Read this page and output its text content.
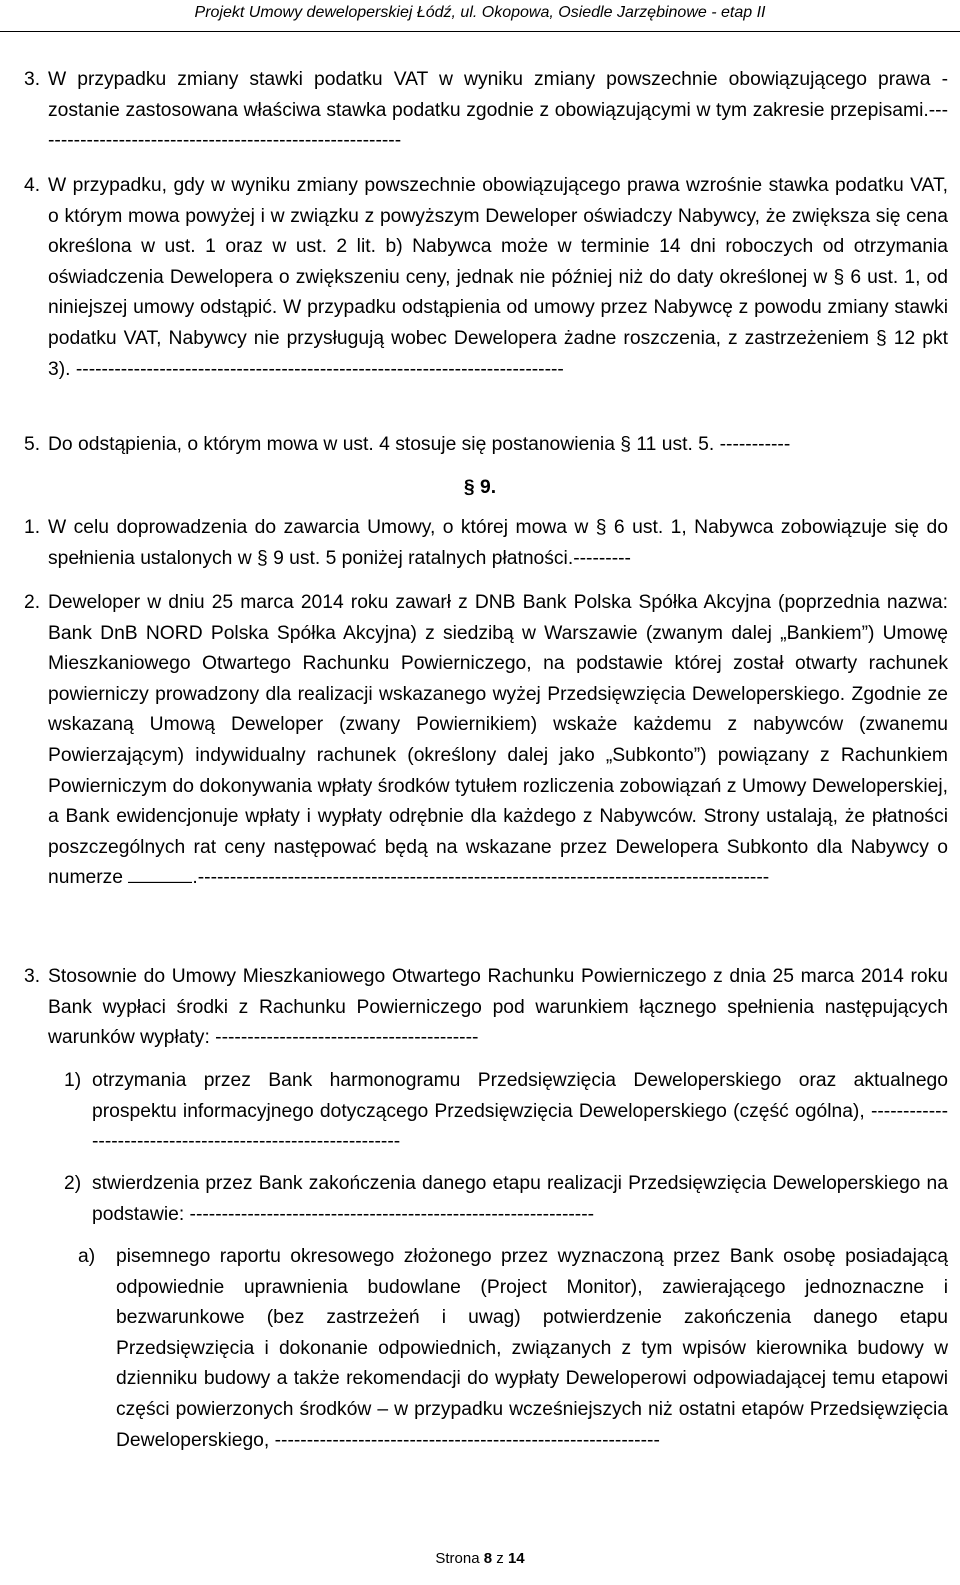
Projekt Umowy deweloperskiej Łódź, ul. Okopowa, Osiedle Jarzębinowe - etap II
3. W przypadku zmiany stawki podatku VAT w wyniku zmiany powszechnie obowiązującego prawa - zostanie zastosowana właściwa stawka podatku zgodnie z obowiązującymi w tym zakresie przepisami.----------------------------------------------------------
4. W przypadku, gdy w wyniku zmiany powszechnie obowiązującego prawa wzrośnie stawka podatku VAT, o którym mowa powyżej i w związku z powyższym Deweloper oświadczy Nabywcy, że zwiększa się cena określona w ust. 1 oraz w ust. 2 lit. b) Nabywca może w terminie 14 dni roboczych od otrzymania oświadczenia Dewelopera o zwiększeniu ceny, jednak nie później niż do daty określonej w § 6 ust. 1, od niniejszej umowy odstąpić. W przypadku odstąpienia od umowy przez Nabywcę z powodu zmiany stawki podatku VAT, Nabywcy nie przysługują wobec Dewelopera żadne roszczenia, z zastrzeżeniem § 12 pkt 3). ----------------------------------------------------------------------------
5. Do odstąpienia, o którym mowa w ust. 4 stosuje się postanowienia § 11 ust. 5. -----------
§ 9.
1. W celu doprowadzenia do zawarcia Umowy, o której mowa w § 6 ust. 1, Nabywca zobowiązuje się do spełnienia ustalonych w § 9 ust. 5 poniżej ratalnych płatności.---------
2. Deweloper w dniu 25 marca 2014 roku zawarł z DNB Bank Polska Spółka Akcyjna (poprzednia nazwa: Bank DnB NORD Polska Spółka Akcyjna) z siedzibą w Warszawie (zwanym dalej „Bankiem”) Umowę Mieszkaniowego Otwartego Rachunku Powierniczego, na podstawie której został otwarty rachunek powierniczy prowadzony dla realizacji wskazanego wyżej Przedsięwzięcia Deweloperskiego. Zgodnie ze wskazaną Umową Deweloper (zwany Powiernikiem) wskaże każdemu z nabywców (zwanemu Powierzającym) indywidualny rachunek (określony dalej jako „Subkonto”) powiązany z Rachunkiem Powierniczym do dokonywania wpłaty środków tytułem rozliczenia zobowiązań z Umowy Deweloperskiej, a Bank ewidencjonuje wpłaty i wypłaty odrębnie dla każdego z Nabywców. Strony ustalają, że płatności poszczególnych rat ceny następować będą na wskazane przez Dewelopera Subkonto dla Nabywcy o numerze	.-----------------------------------------------------------------------------------------
3. Stosownie do Umowy Mieszkaniowego Otwartego Rachunku Powierniczego z dnia 25 marca 2014 roku Bank wypłaci środki z Rachunku Powierniczego pod warunkiem łącznego spełnienia następujących warunków wypłaty: -----------------------------------------
1) otrzymania przez Bank harmonogramu Przedsięwzięcia Deweloperskiego oraz aktualnego prospektu informacyjnego dotyczącego Przedsięwzięcia Deweloperskiego (część ogólna), ------------------------------------------------------------
2) stwierdzenia przez Bank zakończenia danego etapu realizacji Przedsięwzięcia Deweloperskiego na podstawie: ---------------------------------------------------------------
a) pisemnego raportu okresowego złożonego przez wyznaczoną przez Bank osobę posiadającą odpowiednie uprawnienia budowlane (Project Monitor), zawierającego jednoznaczne i bezwarunkowe (bez zastrzeżeń i uwag) potwierdzenie zakończenia danego etapu Przedsięwzięcia i dokonanie odpowiednich, związanych z tym wpisów kierownika budowy w dzienniku budowy a także rekomendacji do wypłaty Deweloperowi odpowiadającej temu etapowi części powierzonych środków – w przypadku wcześniejszych niż ostatni etapów Przedsięwzięcia Deweloperskiego, ------------------------------------------------------------
Strona 8 z 14
